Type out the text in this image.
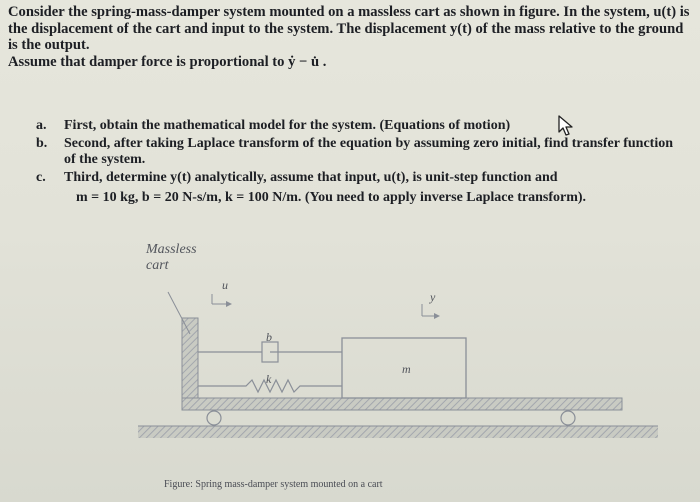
Consider the spring-mass-damper system mounted on a massless cart as shown in figure. In the system, u(t) is the displacement of the cart and input to the system. The displacement y(t) of the mass relative to the ground is the output.

Assume that damper force is proportional to ẏ − u̇ .

a. First, obtain the mathematical model for the system. (Equations of motion)
b. Second, after taking Laplace transform of the equation by assuming zero initial, find transfer function of the system.
c. Third, determine y(t) analytically, assume that input, u(t), is unit-step function and
m = 10 kg, b = 20 N-s/m, k = 100 N/m. (You need to apply inverse Laplace transform).
Massless
cart
u
y
b
k
m
Figure: Spring mass-damper system mounted on a cart
